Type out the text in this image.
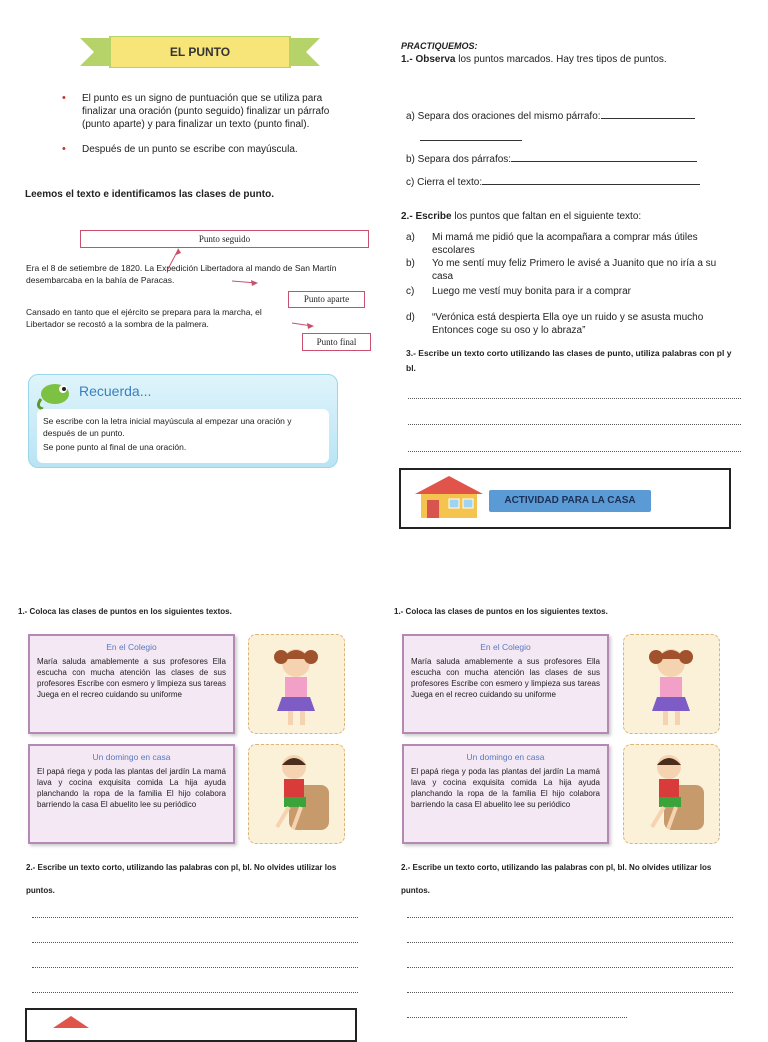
EL PUNTO
• El punto es un signo de puntuación que se utiliza para finalizar una oración (punto seguido) finalizar un párrafo (punto aparte) y para finalizar un texto (punto final).
• Después de un punto se escribe con mayúscula.
Leemos el texto e identificamos las clases de punto.
Punto seguido
Era el 8 de setiembre de 1820. La Expedición Libertadora al mando de San Martín desembarcaba en la bahía de Paracas.
Punto aparte
Cansado en tanto que el ejército se prepara para la marcha, el Libertador se recostó a la sombra de la palmera.
Punto final
Recuerda...
Se escribe con la letra inicial mayúscula al empezar una oración y después de un punto.
Se pone punto al final de una oración.
PRACTIQUEMOS:
1.- Observa los puntos marcados. Hay tres tipos de puntos.
a) Separa dos oraciones del mismo párrafo:
b) Separa dos párrafos:
c) Cierra el texto:
2.- Escribe los puntos que faltan en el siguiente texto:
a)	Mi mamá me pidió que la acompañara a comprar más útiles escolares
b)	Yo me sentí muy feliz Primero le avisé a Juanito que no iría a su casa
c)	Luego me vestí muy bonita para ir a comprar
d)	“Verónica está despierta Ella oye un ruido y se asusta mucho Entonces coge su oso y lo abraza”
3.- Escribe un texto corto utilizando las clases de punto, utiliza palabras con pl y bl.
ACTIVIDAD PARA LA CASA
1.- Coloca las clases de puntos en los siguientes textos.
En el Colegio
María saluda amablemente a sus profesores Ella escucha con mucha atención las clases de sus profesores Escribe con esmero y limpieza sus tareas Juega en el recreo cuidando su uniforme
Un domingo en casa
El papá riega y poda las plantas del jardín La mamá lava y cocina exquisita comida La hija ayuda planchando la ropa de la familia El hijo colabora barriendo la casa El abuelito lee su periódico
2.- Escribe un texto corto, utilizando las palabras con pl, bl. No olvides utilizar los
puntos.
1.- Coloca las clases de puntos en los siguientes textos.
En el Colegio
María saluda amablemente a sus profesores Ella escucha con mucha atención las clases de sus profesores Escribe con esmero y limpieza sus tareas Juega en el recreo cuidando su uniforme
Un domingo en casa
El papá riega y poda las plantas del jardín La mamá lava y cocina exquisita comida La hija ayuda planchando la ropa de la familia El hijo colabora barriendo la casa El abuelito lee su periódico
2.- Escribe un texto corto, utilizando las palabras con pl, bl. No olvides utilizar los
puntos.
